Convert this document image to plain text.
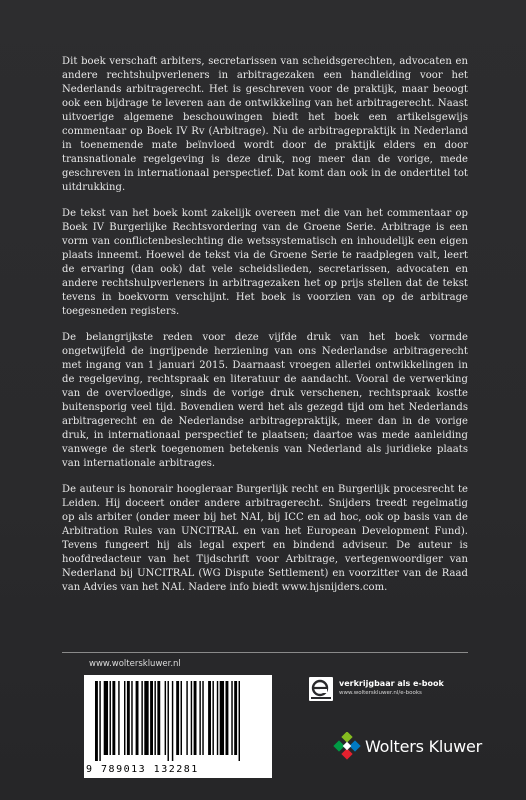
Dit boek verschaft arbiters, secretarissen van scheidsgerechten, advocaten en andere rechtshulpverleners in arbitragezaken een handleiding voor het Nederlands arbitragerecht. Het is geschreven voor de praktijk, maar beoogt ook een bijdrage te leveren aan de ontwikkeling van het arbitragerecht. Naast uitvoerige algemene beschouwingen biedt het boek een artikelsgewijs commentaar op Boek IV Rv (Arbitrage). Nu de arbitragepraktijk in Nederland in toenemende mate beïnvloed wordt door de praktijk elders en door transnationale regelgeving is deze druk, nog meer dan de vorige, mede geschreven in internationaal perspectief. Dat komt dan ook in de ondertitel tot uitdrukking.

De tekst van het boek komt zakelijk overeen met die van het commentaar op Boek IV Burgerlijke Rechtsvordering van de Groene Serie. Arbitrage is een vorm van conflictenbeslechting die wetssystematisch en inhoudelijk een eigen plaats inneemt. Hoewel de tekst via de Groene Serie te raadplegen valt, leert de ervaring (dan ook) dat vele scheidslieden, secretarissen, advocaten en andere rechtshulpverleners in arbitragezaken het op prijs stellen dat de tekst tevens in boekvorm verschijnt. Het boek is voorzien van op de arbitrage toegesneden registers.

De belangrijkste reden voor deze vijfde druk van het boek vormde ongetwijfeld de ingrijpende herziening van ons Nederlandse arbitragerecht met ingang van 1 januari 2015. Daarnaast vroegen allerlei ontwikkelingen in de regelgeving, rechtspraak en literatuur de aandacht. Vooral de verwerking van de overvloedige, sinds de vorige druk verschenen, rechtspraak kostte buitensporig veel tijd. Bovendien werd het als gezegd tijd om het Nederlands arbitragerecht en de Nederlandse arbitragepraktijk, meer dan in de vorige druk, in internationaal perspectief te plaatsen; daartoe was mede aanleiding vanwege de sterk toegenomen betekenis van Nederland als juridieke plaats van internationale arbitrages.

De auteur is honorair hoogleraar Burgerlijk recht en Burgerlijk procesrecht te Leiden. Hij doceert onder andere arbitragerecht. Snijders treedt regelmatig op als arbiter (onder meer bij het NAI, bij ICC en ad hoc, ook op basis van de Arbitration Rules van UNCITRAL en van het European Development Fund). Tevens fungeert hij als legal expert en bindend adviseur. De auteur is hoofdredacteur van het Tijdschrift voor Arbitrage, vertegenwoordiger van Nederland bij UNCITRAL (WG Dispute Settlement) en voorzitter van de Raad van Advies van het NAI. Nadere info biedt www.hjsnijders.com.

www.wolterskluwer.nl
9 789013 132281
verkrijgbaar als e-book
www.wolterskluwer.nl/e-books
Wolters Kluwer
